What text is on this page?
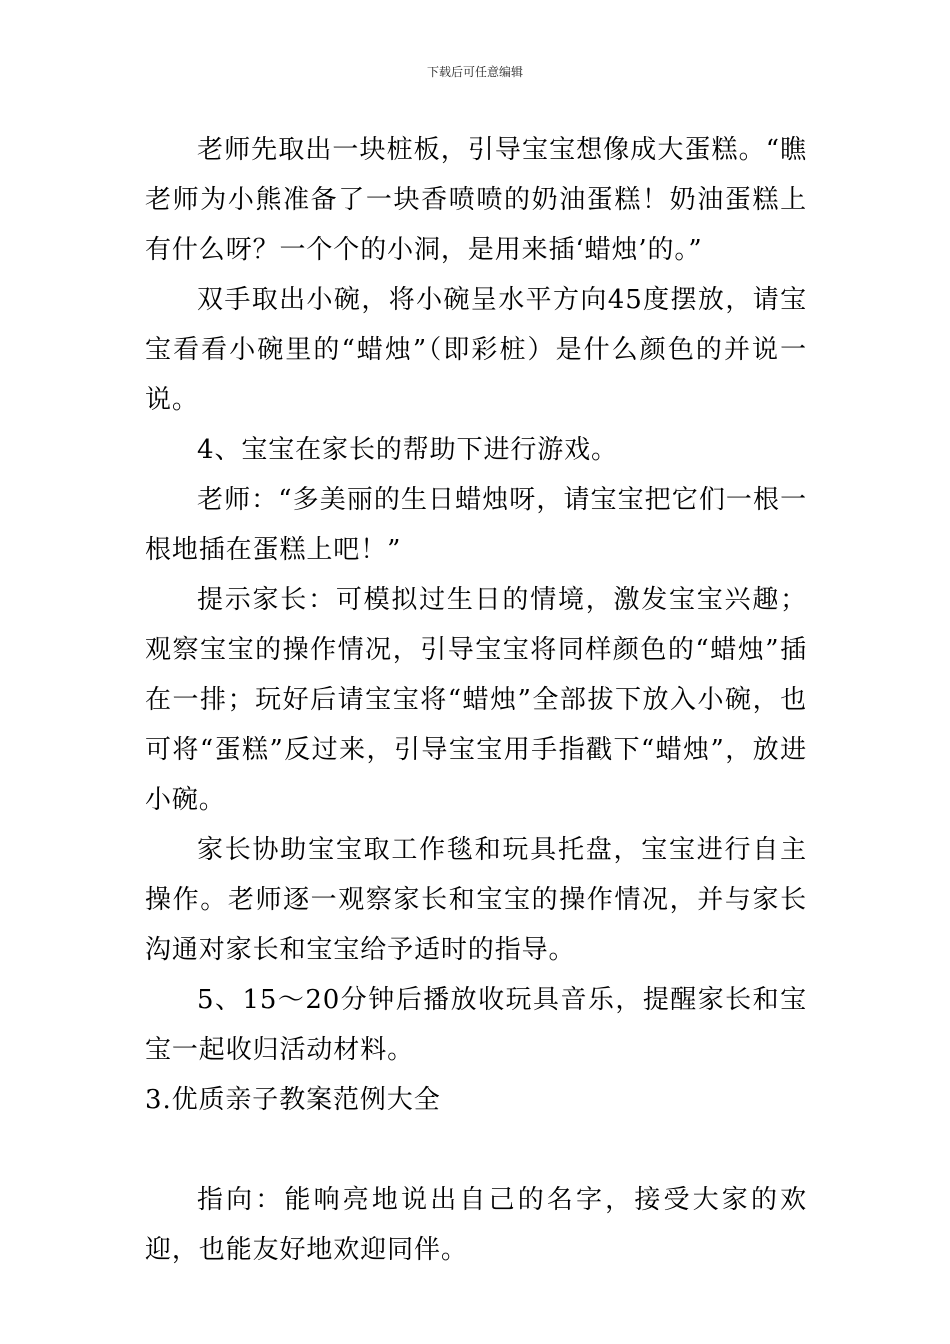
下载后可任意编辑

老师先取出一块桩板，引导宝宝想像成大蛋糕。“瞧老师为小熊准备了一块香喷喷的奶油蛋糕！奶油蛋糕上有什么呀？一个个的小洞，是用来插‘蜡烛’的。”

双手取出小碗，将小碗呈水平方向45度摆放，请宝宝看看小碗里的“蜡烛”（即彩桩）是什么颜色的并说一说。

4、宝宝在家长的帮助下进行游戏。

老师：“多美丽的生日蜡烛呀，请宝宝把它们一根一根地插在蛋糕上吧！”

提示家长：可模拟过生日的情境，激发宝宝兴趣；观察宝宝的操作情况，引导宝宝将同样颜色的“蜡烛”插在一排；玩好后请宝宝将“蜡烛”全部拔下放入小碗，也可将“蛋糕”反过来，引导宝宝用手指戳下“蜡烛”，放进小碗。

家长协助宝宝取工作毯和玩具托盘，宝宝进行自主操作。老师逐一观察家长和宝宝的操作情况，并与家长沟通对家长和宝宝给予适时的指导。

5、15～20分钟后播放收玩具音乐，提醒家长和宝宝一起收归活动材料。

3.优质亲子教案范例大全

指向：能响亮地说出自己的名字，接受大家的欢迎，也能友好地欢迎同伴。
